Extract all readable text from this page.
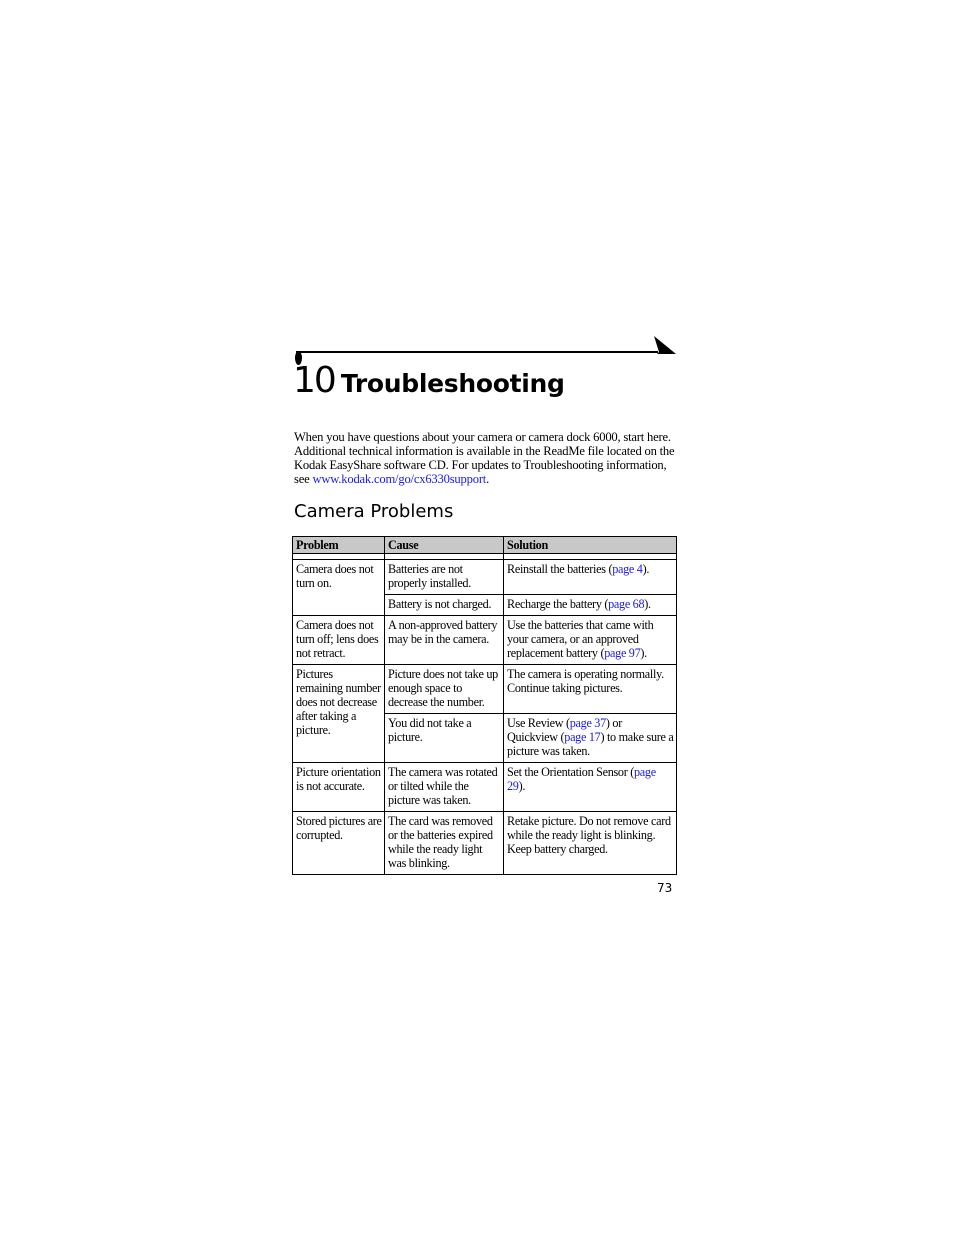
10 Troubleshooting

When you have questions about your camera or camera dock 6000, start here. Additional technical information is available in the ReadMe file located on the Kodak EasyShare software CD. For updates to Troubleshooting information, see www.kodak.com/go/cx6330support.

Camera Problems
Problem	Cause	Solution

Camera does not turn on.	Batteries are not properly installed.	Reinstall the batteries (page 4).
	Battery is not charged.	Recharge the battery (page 68).
Camera does not turn off; lens does not retract.	A non-approved battery may be in the camera.	Use the batteries that came with your camera, or an approved replacement battery (page 97).
Pictures remaining number does not decrease after taking a picture.	Picture does not take up enough space to decrease the number.	The camera is operating normally. Continue taking pictures.
	You did not take a picture.	Use Review (page 37) or Quickview (page 17) to make sure a picture was taken.
Picture orientation is not accurate.	The camera was rotated or tilted while the picture was taken.	Set the Orientation Sensor (page 29).
Stored pictures are corrupted.	The card was removed or the batteries expired while the ready light was blinking.	Retake picture. Do not remove card while the ready light is blinking. Keep battery charged.
73
